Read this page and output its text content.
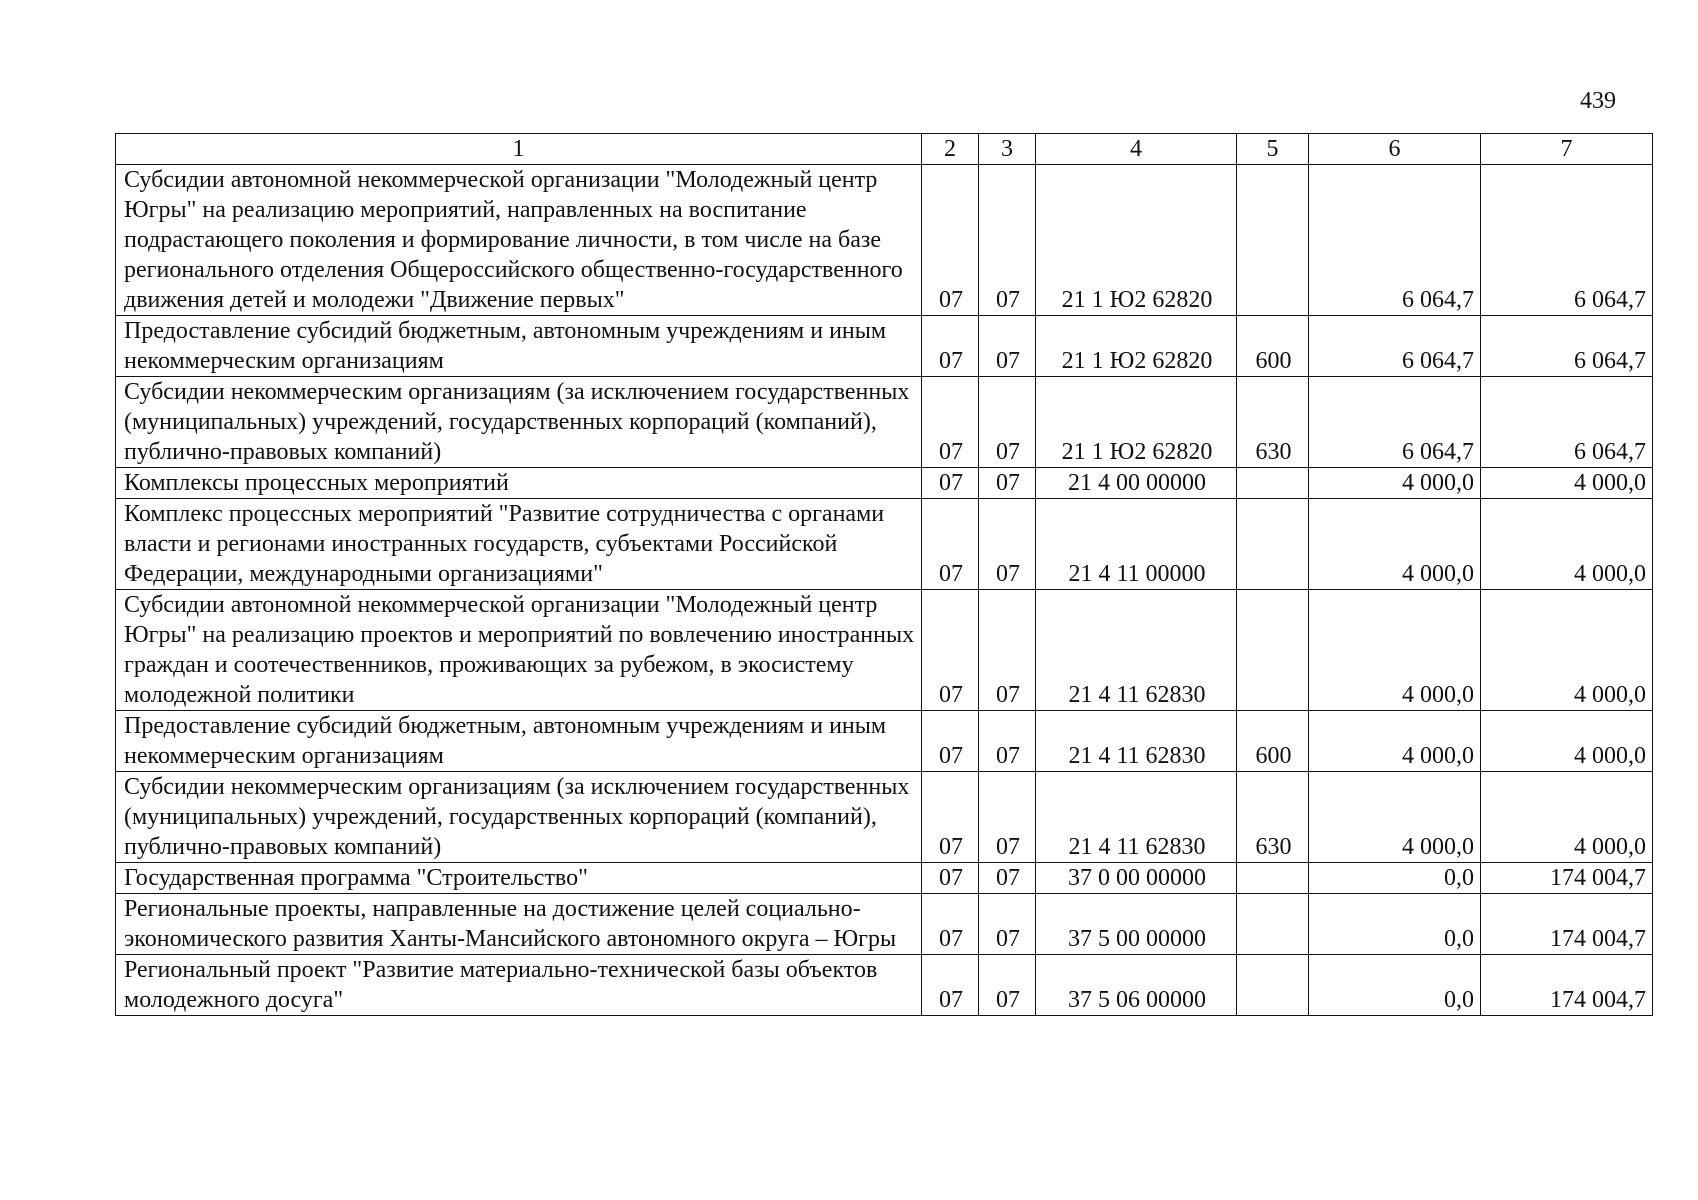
439
1	2	3	4	5	6	7
Субсидии автономной некоммерческой организации "Молодежный центр Югры" на реализацию мероприятий, направленных на воспитание подрастающего поколения и формирование личности, в том числе на базе регионального отделения Общероссийского общественно-государственного движения детей и молодежи "Движение первых"	07	07	21 1 Ю2 62820		6 064,7	6 064,7
Предоставление субсидий бюджетным, автономным учреждениям и иным некоммерческим организациям	07	07	21 1 Ю2 62820	600	6 064,7	6 064,7
Субсидии некоммерческим организациям (за исключением государственных (муниципальных) учреждений, государственных корпораций (компаний), публично-правовых компаний)	07	07	21 1 Ю2 62820	630	6 064,7	6 064,7
Комплексы процессных мероприятий	07	07	21 4 00 00000		4 000,0	4 000,0
Комплекс процессных мероприятий "Развитие сотрудничества с органами власти и регионами иностранных государств, субъектами Российской Федерации, международными организациями"	07	07	21 4 11 00000		4 000,0	4 000,0
Субсидии автономной некоммерческой организации "Молодежный центр Югры" на реализацию проектов и мероприятий по вовлечению иностранных граждан и соотечественников, проживающих за рубежом, в экосистему молодежной политики	07	07	21 4 11 62830		4 000,0	4 000,0
Предоставление субсидий бюджетным, автономным учреждениям и иным некоммерческим организациям	07	07	21 4 11 62830	600	4 000,0	4 000,0
Субсидии некоммерческим организациям (за исключением государственных (муниципальных) учреждений, государственных корпораций (компаний), публично-правовых компаний)	07	07	21 4 11 62830	630	4 000,0	4 000,0
Государственная программа "Строительство"	07	07	37 0 00 00000		0,0	174 004,7
Региональные проекты, направленные на достижение целей социально-экономического развития Ханты-Мансийского автономного округа – Югры	07	07	37 5 00 00000		0,0	174 004,7
Региональный проект "Развитие материально-технической базы объектов молодежного досуга"	07	07	37 5 06 00000		0,0	174 004,7
